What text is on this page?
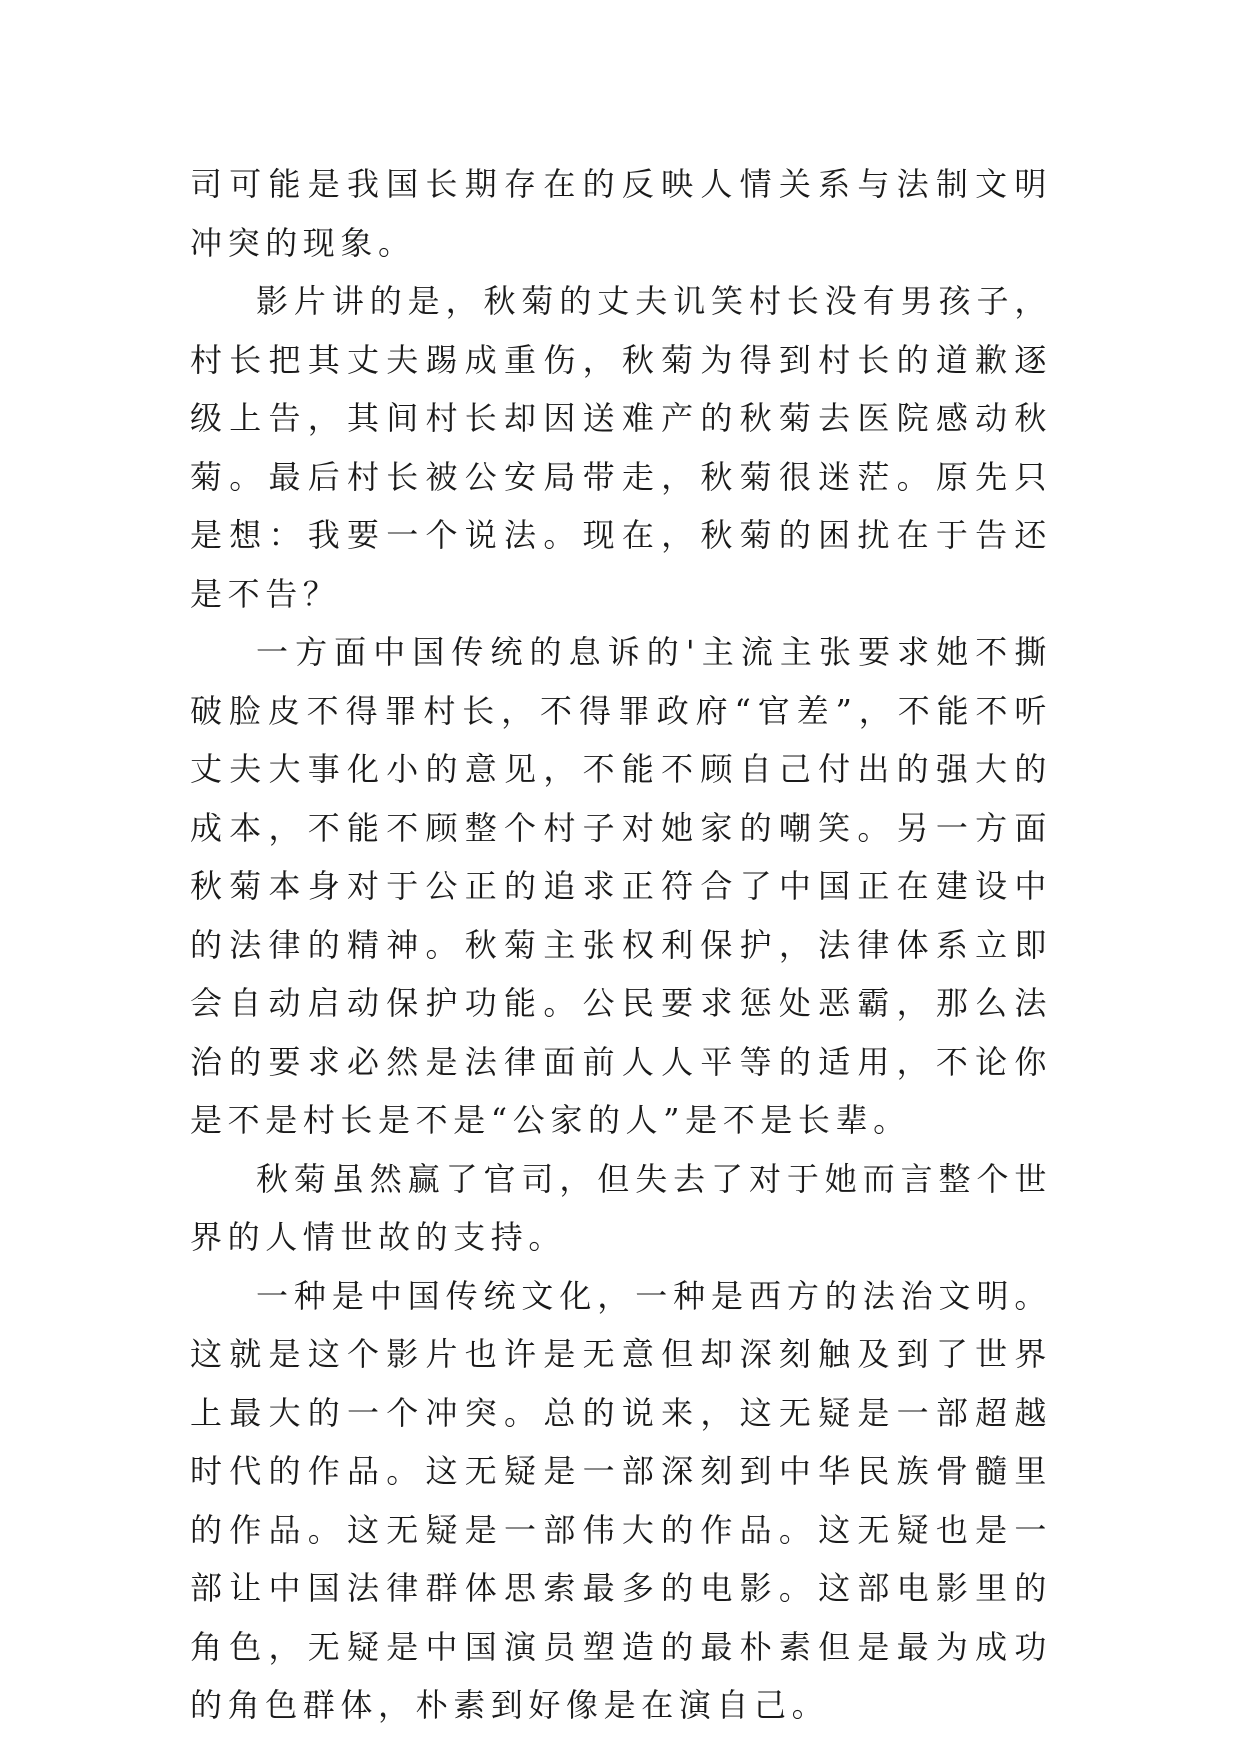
司可能是我国长期存在的反映人情关系与法制文明冲突的现象。

影片讲的是，秋菊的丈夫讥笑村长没有男孩子，村长把其丈夫踢成重伤，秋菊为得到村长的道歉逐级上告，其间村长却因送难产的秋菊去医院感动秋菊。最后村长被公安局带走，秋菊很迷茫。原先只是想：我要一个说法。现在，秋菊的困扰在于告还是不告？

一方面中国传统的息诉的'主流主张要求她不撕破脸皮不得罪村长，不得罪政府“官差”，不能不听丈夫大事化小的意见，不能不顾自己付出的强大的成本，不能不顾整个村子对她家的嘲笑。另一方面秋菊本身对于公正的追求正符合了中国正在建设中的法律的精神。秋菊主张权利保护，法律体系立即会自动启动保护功能。公民要求惩处恶霸，那么法治的要求必然是法律面前人人平等的适用，不论你是不是村长是不是“公家的人”是不是长辈。

秋菊虽然赢了官司，但失去了对于她而言整个世界的人情世故的支持。

一种是中国传统文化，一种是西方的法治文明。这就是这个影片也许是无意但却深刻触及到了世界上最大的一个冲突。总的说来，这无疑是一部超越时代的作品。这无疑是一部深刻到中华民族骨髓里的作品。这无疑是一部伟大的作品。这无疑也是一部让中国法律群体思索最多的电影。这部电影里的角色，无疑是中国演员塑造的最朴素但是最为成功的角色群体，朴素到好像是在演自己。
